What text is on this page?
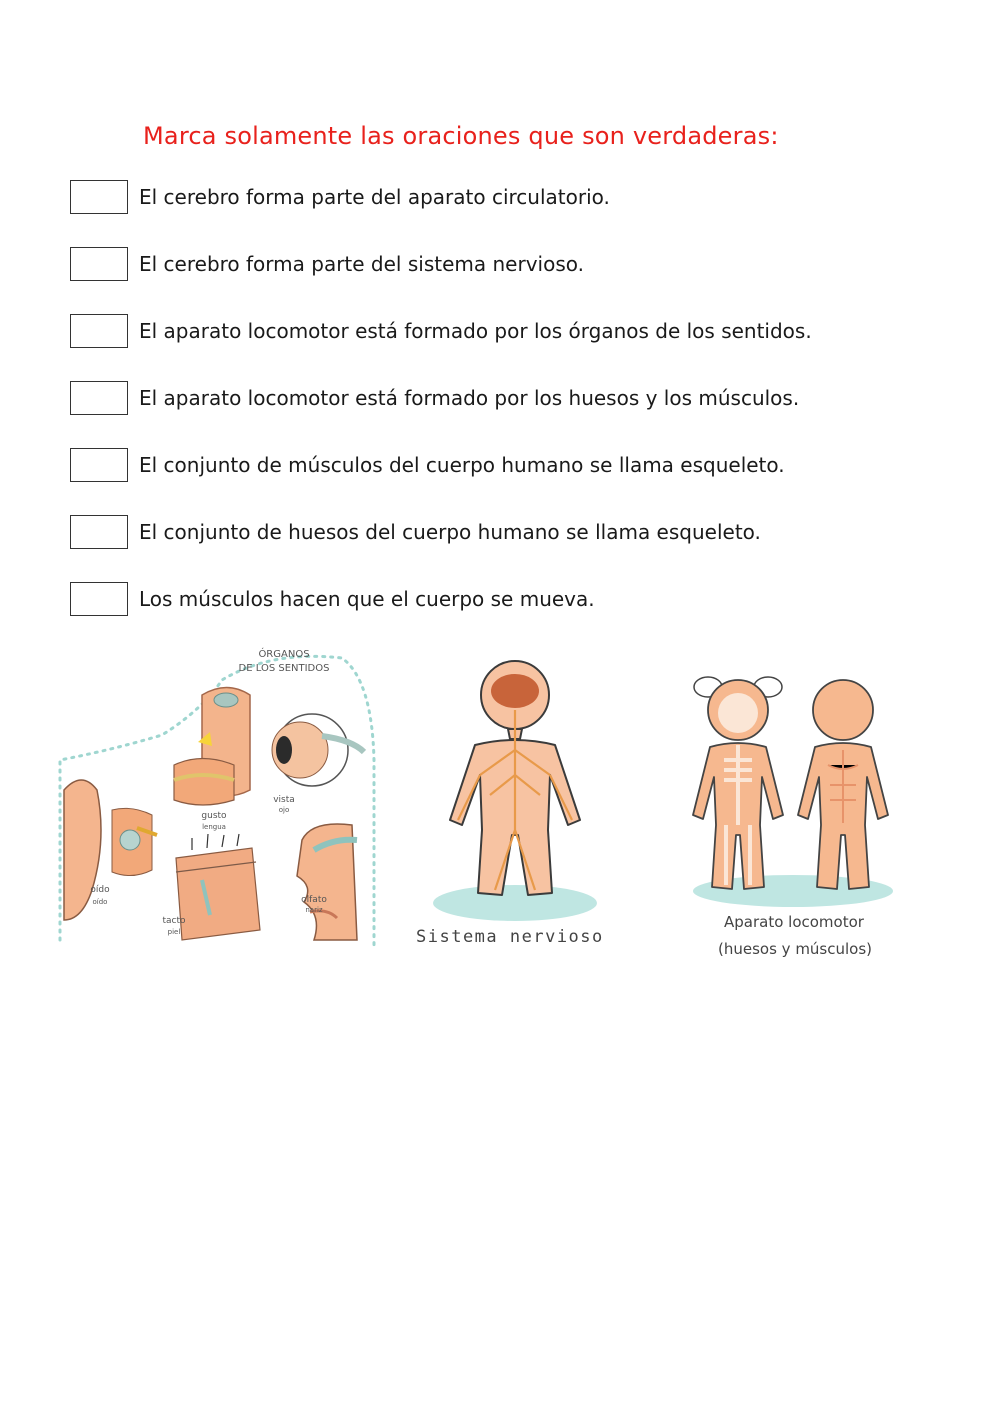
Marca solamente las oraciones que son verdaderas:
El cerebro forma parte del aparato circulatorio.
El cerebro forma parte del sistema nervioso.
El aparato locomotor está formado por los órganos de los sentidos.
El aparato locomotor está formado por los huesos y los músculos.
El conjunto de músculos del cuerpo humano se llama esqueleto.
El conjunto de huesos del cuerpo humano se llama esqueleto.
Los músculos hacen que el cuerpo se mueva.
ÓRGANOS
DE LOS SENTIDOS
gusto
lengua
vista
ojo
oído
oído
tacto
piel
olfato
nariz
Sistema nervioso
Aparato locomotor
(huesos y músculos)
